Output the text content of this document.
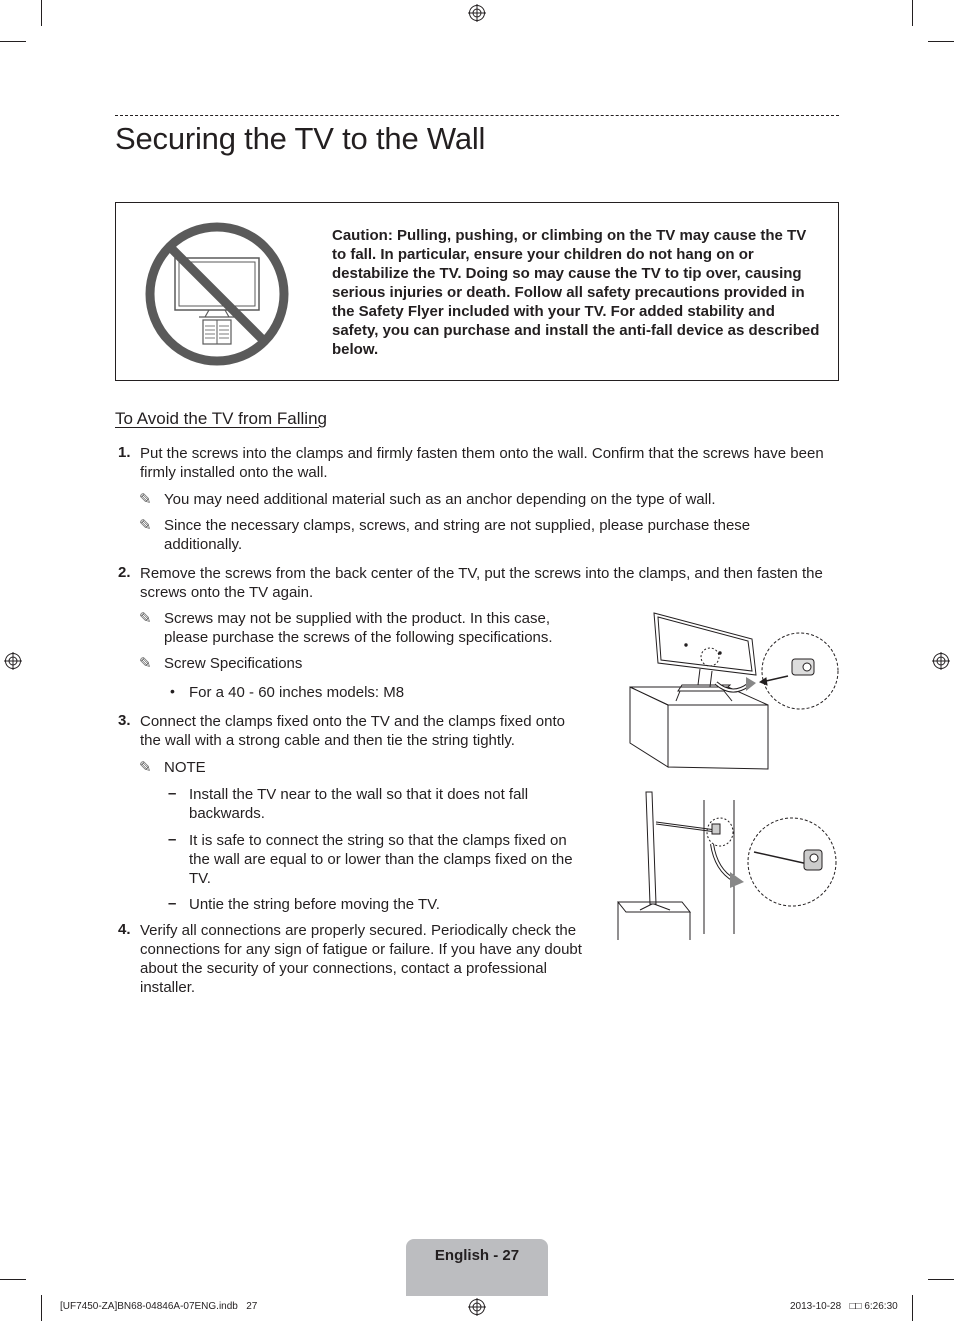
Securing the TV to the Wall
Caution: Pulling, pushing, or climbing on the TV may cause the TV to fall. In particular, ensure your children do not hang on or destabilize the TV. Doing so may cause the TV to tip over, causing serious injuries or death. Follow all safety precautions provided in the Safety Flyer included with your TV. For added stability and safety, you can purchase and install the anti-fall device as described below.
To Avoid the TV from Falling
1. Put the screws into the clamps and firmly fasten them onto the wall. Confirm that the screws have been firmly installed onto the wall.
✎ You may need additional material such as an anchor depending on the type of wall.
✎ Since the necessary clamps, screws, and string are not supplied, please purchase these additionally.
2. Remove the screws from the back center of the TV, put the screws into the clamps, and then fasten the screws onto the TV again.
✎ Screws may not be supplied with the product. In this case, please purchase the screws of the following specifications.
✎ Screw Specifications
• For a 40 - 60 inches models: M8
3. Connect the clamps fixed onto the TV and the clamps fixed onto the wall with a strong cable and then tie the string tightly.
✎ NOTE
– Install the TV near to the wall so that it does not fall backwards.
– It is safe to connect the string so that the clamps fixed on the wall are equal to or lower than the clamps fixed on the TV.
– Untie the string before moving the TV.
4. Verify all connections are properly secured. Periodically check the connections for any sign of fatigue or failure. If you have any doubt about the security of your connections, contact a professional installer.
English - 27
[UF7450-ZA]BN68-04846A-07ENG.indb   27	2013-10-28   □□ 6:26:30
